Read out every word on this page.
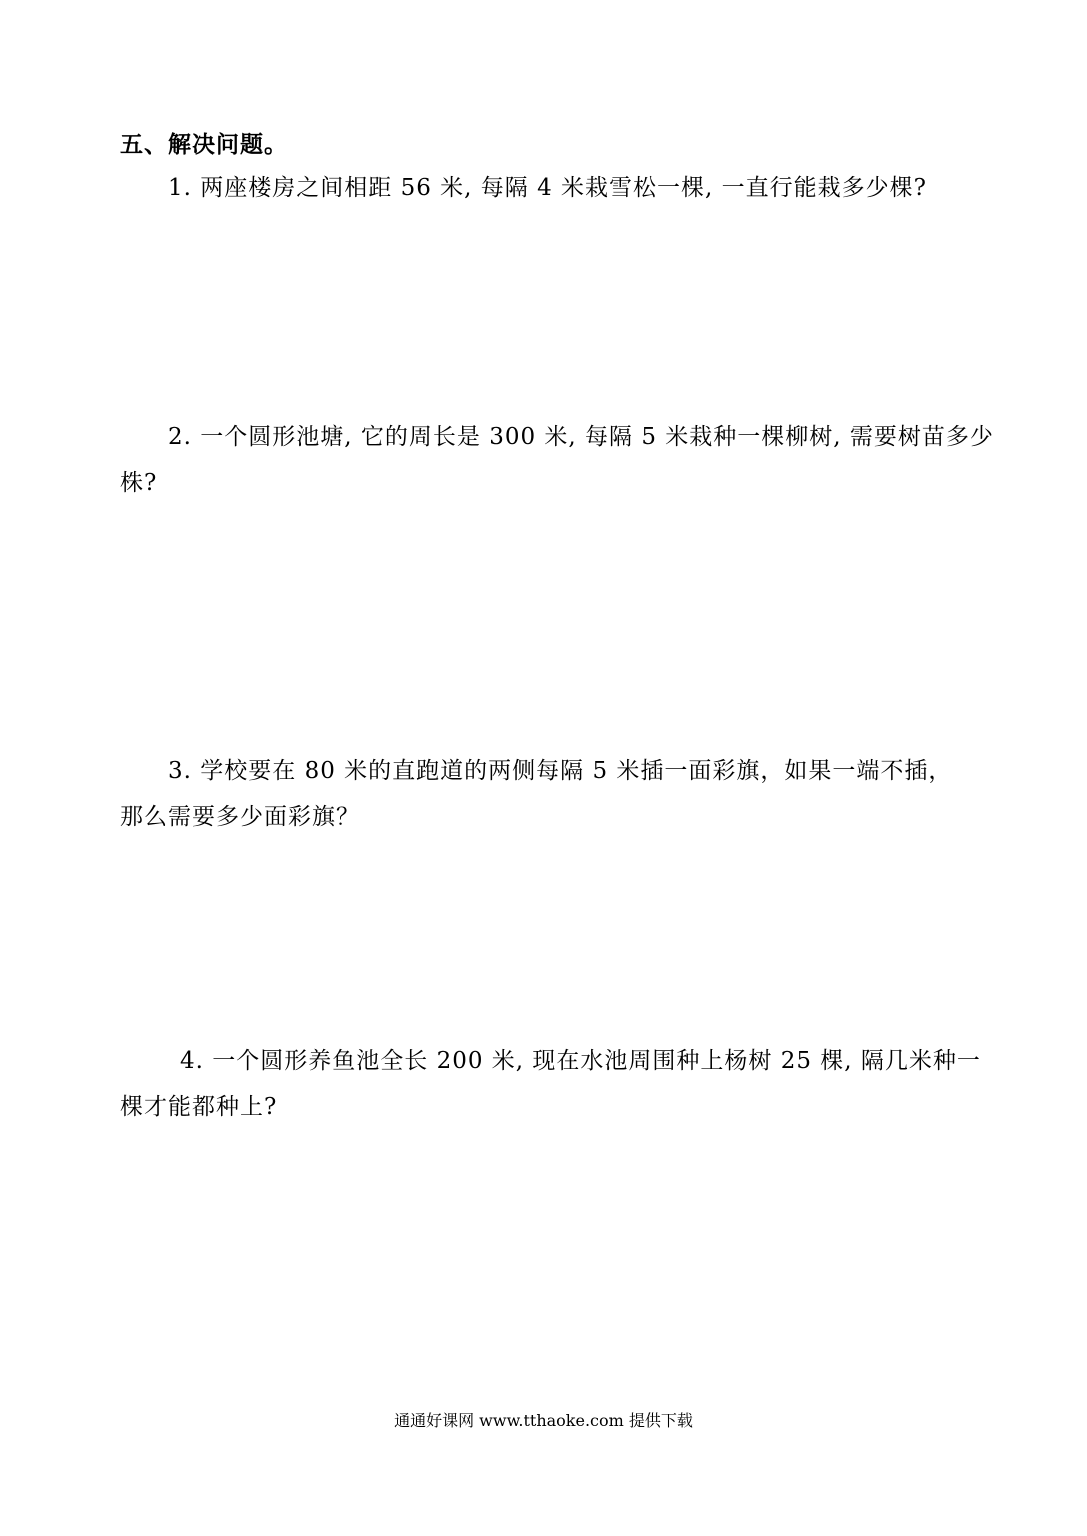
五、解决问题。
1. 两座楼房之间相距 56 米, 每隔 4 米栽雪松一棵, 一直行能栽多少棵?
2. 一个圆形池塘, 它的周长是 300 米, 每隔 5 米栽种一棵柳树, 需要树苗多少
株?
3. 学校要在 80 米的直跑道的两侧每隔 5 米插一面彩旗，如果一端不插，
那么需要多少面彩旗？
4. 一个圆形养鱼池全长 200 米, 现在水池周围种上杨树 25 棵, 隔几米种一
棵才能都种上?
通通好课网 www.tthaoke.com 提供下载
